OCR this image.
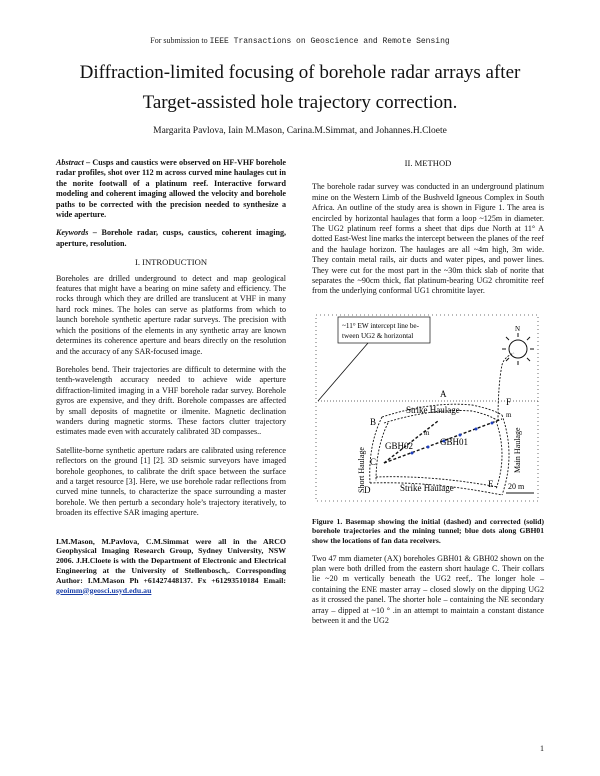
For submission to IEEE Transactions on Geoscience and Remote Sensing
Diffraction-limited focusing of borehole radar arrays after
Target-assisted hole trajectory correction.
Margarita Pavlova, Iain M.Mason, Carina.M.Simmat, and Johannes.H.Cloete

Abstract – Cusps and caustics were observed on HF-VHF borehole radar profiles, shot over 112 m across curved mine haulages cut in the norite footwall of a platinum reef. Interactive forward modeling and coherent imaging allowed the velocity and borehole paths to be corrected with the precision needed to synthesize a wide aperture.

Keywords – Borehole radar, cusps, caustics, coherent imaging, aperture, resolution.

I. INTRODUCTION

Boreholes are drilled underground to detect and map geological features that might have a bearing on mine safety and efficiency. The rocks through which they are drilled are translucent at VHF in many hard rock mines. The holes can serve as platforms from which to launch borehole synthetic aperture radar surveys. The precision with which the positions of the elements in any synthetic array are known determines its coherence aperture and bears directly on the resolution and the accuracy of any SAR-focused image.

Boreholes bend. Their trajectories are difficult to determine with the tenth-wavelength accuracy needed to achieve wide aperture diffraction-limited imaging in a VHF borehole radar survey. Borehole gyros are expensive, and they drift. Borehole compasses are affected by small deposits of magnetite or ilmenite. Magnetic declination wanders during magnetic storms. These factors clutter trajectory estimates made even with accurately calibrated 3D compasses..

Satellite-borne synthetic aperture radars are calibrated using reference reflectors on the ground [1] [2]. 3D seismic surveyors have imaged borehole geophones, to calibrate the drift space between the surface and a target resource [3]. Here, we use borehole radar reflections from curved mine tunnels, to characterize the space surrounding a master borehole. We then perturb a secondary hole’s trajectory iteratively, to broaden its effective SAR imaging aperture.

I.M.Mason, M.Pavlova, C.M.Simmat were all in the ARCO Geophysical Imaging Research Group, Sydney University, NSW 2006. J.H.Cloete is with the Department of Electronic and Electrical Engineering at the University of Stellenbosch,. Corresponding Author: I.M.Mason Ph +61427448137. Fx +61293510184 Email: geoimm@geosci.usyd.edu.au
II. METHOD

The borehole radar survey was conducted in an underground platinum mine on the Western Limb of the Bushveld Igneous Complex in South Africa. An outline of the study area is shown in Figure 1. The area is encircled by horizontal haulages that form a loop ~125m in diameter. The UG2 platinum reef forms a sheet that dips due North at 11° A dotted East-West line marks the intercept between the planes of the reef and the haulage horizon. The haulages are all ~4m high, 3m wide. They contain metal rails, air ducts and water pipes, and power lines. They were cut for the most part in the ~30m thick slab of norite that separates the ~90cm thick, flat platinum-bearing UG2 chromitite reef from the underlying conformal UG1 chromitite layer.

~11° EW intercept line be-
tween UG2 & horizontal
N
A
Strike Haulage
B
F
GBH02	GBH01
m
m
C
Short Haulage	Main Haulage
D	Strike Haulage	E 20 m
Figure 1. Basemap showing the initial (dashed) and corrected (solid) borehole trajectories and the mining tunnel; blue dots along GBH01 show the locations of fan data receivers.

Two 47 mm diameter (AX) boreholes GBH01 & GBH02 shown on the plan were both drilled from the eastern short haulage C. Their collars lie ~20 m vertically beneath the UG2 reef,. The longer hole –containing the ENE master array – closed slowly on the dipping UG2 as it crossed the panel. The shorter hole – containing the NE secondary array – dipped at ~10 ° .in an attempt to maintain a constant distance between it and the UG2

1
